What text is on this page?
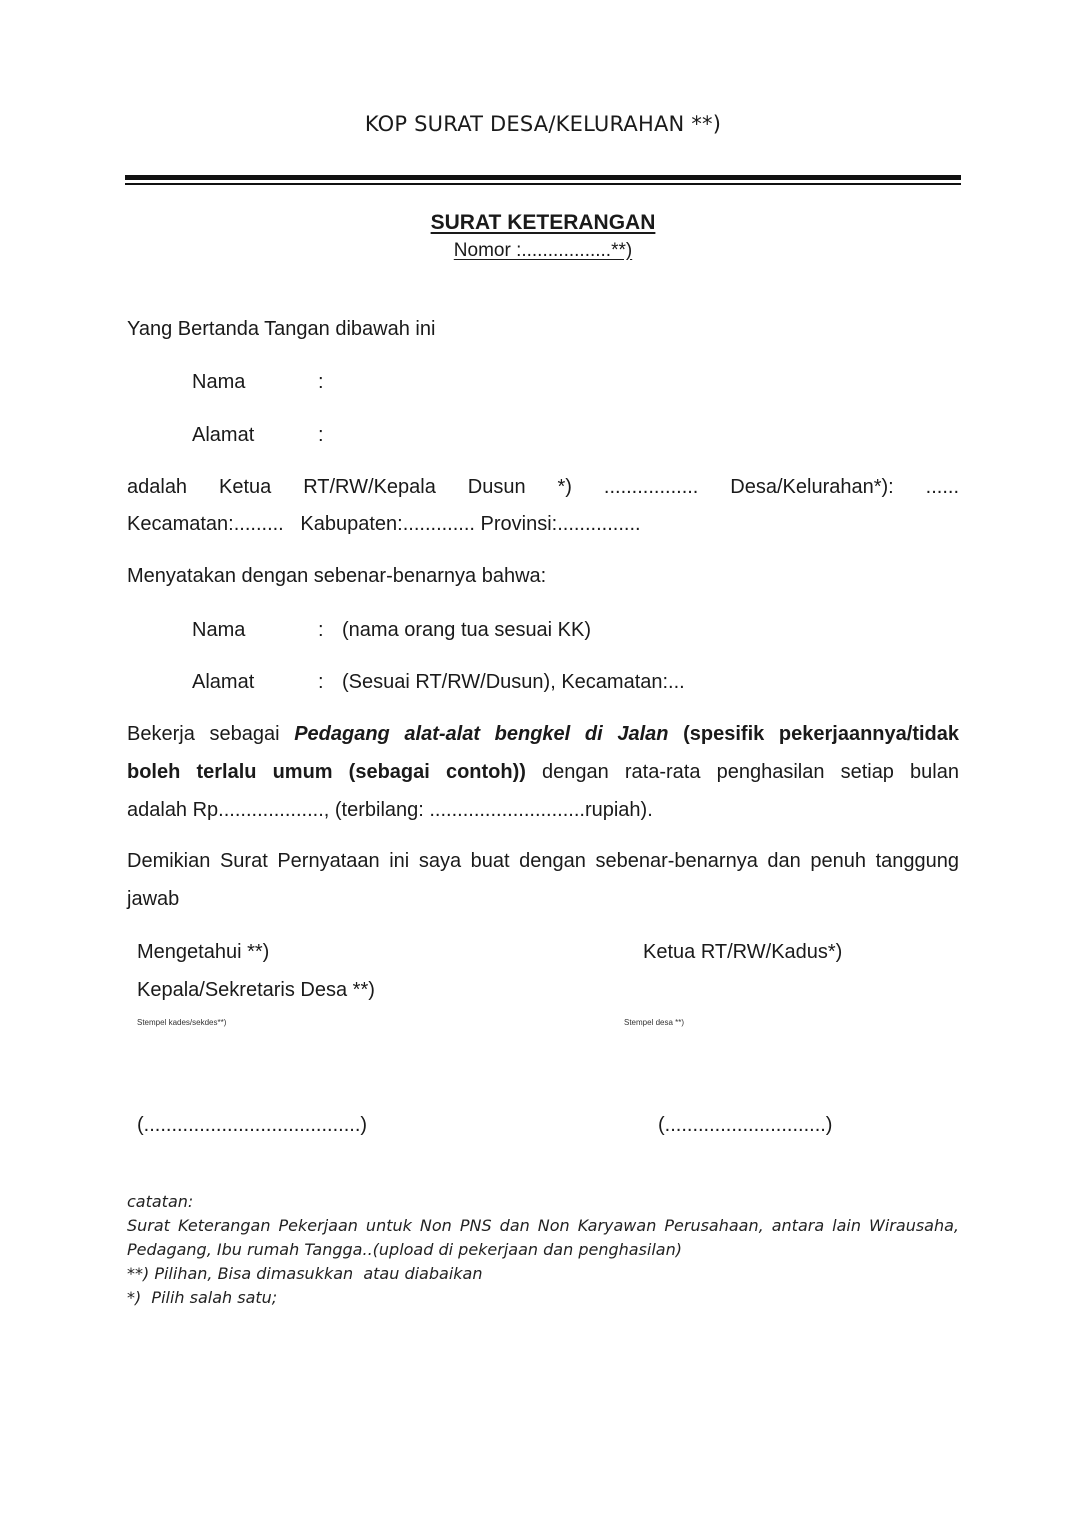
KOP SURAT DESA/KELURAHAN **)
SURAT KETERANGAN
Nomor :.................**)
Yang Bertanda Tangan dibawah ini
Nama	:
Alamat	:
adalah Ketua RT/RW/Kepala Dusun *) ................. Desa/Kelurahan*): ......
Kecamatan:.........   Kabupaten:............. Provinsi:...............
Menyatakan dengan sebenar-benarnya bahwa:
Nama	: (nama orang tua sesuai KK)
Alamat	: (Sesuai RT/RW/Dusun), Kecamatan:...
Bekerja sebagai Pedagang alat-alat bengkel di Jalan (spesifik pekerjaannya/tidak
boleh terlalu umum (sebagai contoh)) dengan rata-rata penghasilan setiap bulan
adalah Rp..................., (terbilang: ............................rupiah).
Demikian Surat Pernyataan ini saya buat dengan sebenar-benarnya dan penuh tanggung
jawab
Mengetahui **)
Kepala/Sekretaris Desa **)
Stempel kades/sekdes**)
(.......................................)
Ketua RT/RW/Kadus*)
Stempel desa **)
(.............................)
catatan:
Surat Keterangan Pekerjaan untuk Non PNS dan Non Karyawan Perusahaan, antara lain Wirausaha,
Pedagang, Ibu rumah Tangga..(upload di pekerjaan dan penghasilan)
**) Pilihan, Bisa dimasukkan  atau diabaikan
*)  Pilih salah satu;
